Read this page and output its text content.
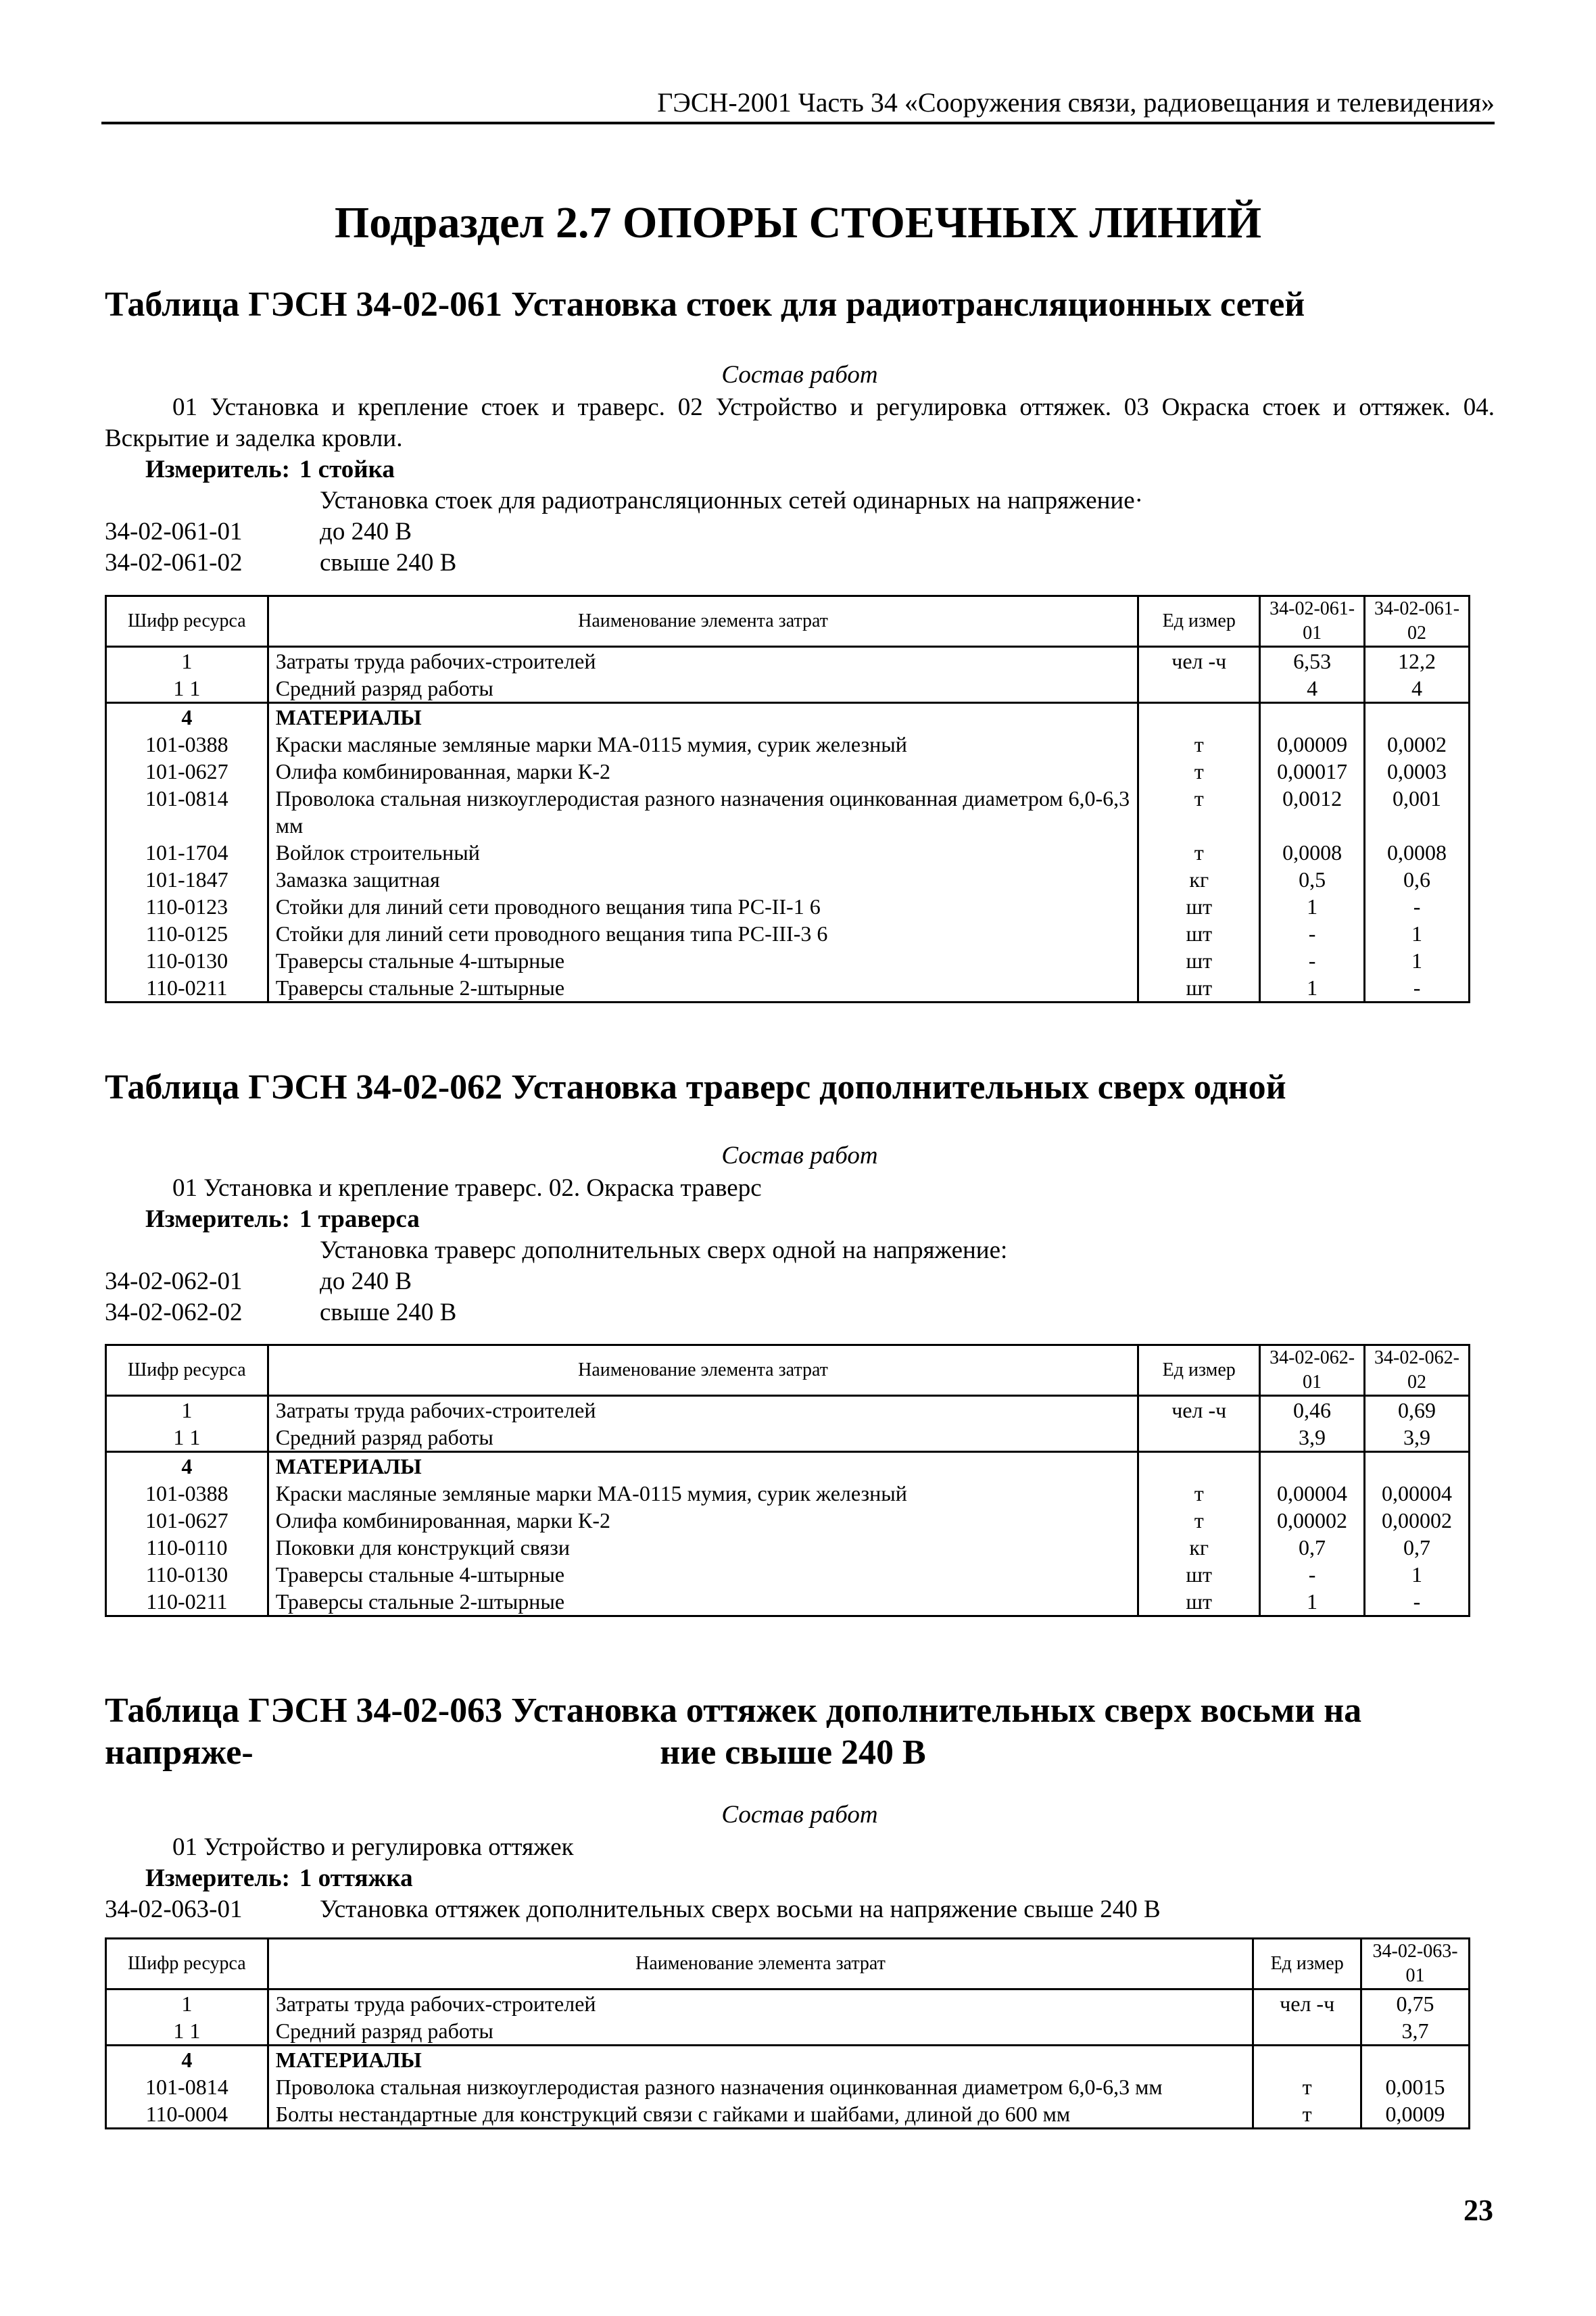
ГЭСН-2001 Часть 34 «Сооружения связи, радиовещания и телевидения»
Подраздел 2.7 ОПОРЫ СТОЕЧНЫХ ЛИНИЙ
Таблица ГЭСН 34-02-061 Установка стоек для радиотрансляционных сетей
Состав работ
01 Установка и крепление стоек и траверс. 02 Устройство и регулировка оттяжек. 03 Окраска стоек и оттяжек. 04. Вскрытие и заделка кровли.
Измеритель: 1 стойка
Установка стоек для радиотрансляционных сетей одинарных на напряжение·
34-02-061-01	до 240 В
34-02-061-02	свыше 240 В
Шифр ресурса	Наименование элемента затрат	Ед измер	34-02-061-01	34-02-061-02
1	Затраты труда рабочих-строителей	чел -ч	6,53	12,2
1 1	Средний разряд работы		4	4
4	МАТЕРИАЛЫ			
101-0388	Краски масляные земляные марки МА-0115 мумия, сурик железный	т	0,00009	0,0002
101-0627	Олифа комбинированная, марки К-2	т	0,00017	0,0003
101-0814	Проволока стальная низкоуглеродистая разного назначения оцинкованная диаметром 6,0-6,3 мм	т	0,0012	0,001
101-1704	Войлок строительный	т	0,0008	0,0008
101-1847	Замазка защитная	кг	0,5	0,6
110-0123	Стойки для линий сети проводного вещания типа РС-II-1 6	шт	1	-
110-0125	Стойки для линий сети проводного вещания типа РС-III-3 6	шт	-	1
110-0130	Траверсы стальные 4-штырные	шт	-	1
110-0211	Траверсы стальные 2-штырные	шт	1	-
Таблица ГЭСН 34-02-062 Установка траверс дополнительных сверх одной
Состав работ
01 Установка и крепление траверс. 02. Окраска траверс
Измеритель: 1 траверса
Установка траверс дополнительных сверх одной на напряжение:
34-02-062-01	до 240 В
34-02-062-02	свыше 240 В
Шифр ресурса	Наименование элемента затрат	Ед измер	34-02-062-01	34-02-062-02
1	Затраты труда рабочих-строителей	чел -ч	0,46	0,69
1 1	Средний разряд работы		3,9	3,9
4	МАТЕРИАЛЫ			
101-0388	Краски масляные земляные марки МА-0115 мумия, сурик железный	т	0,00004	0,00004
101-0627	Олифа комбинированная, марки К-2	т	0,00002	0,00002
110-0110	Поковки для конструкций связи	кг	0,7	0,7
110-0130	Траверсы стальные 4-штырные	шт	-	1
110-0211	Траверсы стальные 2-штырные	шт	1	-
Таблица ГЭСН 34-02-063 Установка оттяжек дополнительных сверх восьми на напряже-	ние свыше 240 В
Состав работ
01 Устройство и регулировка оттяжек
Измеритель: 1 оттяжка
34-02-063-01	Установка оттяжек дополнительных сверх восьми на напряжение свыше 240 В
Шифр ресурса	Наименование элемента затрат	Ед измер	34-02-063-01
1	Затраты труда рабочих-строителей	чел -ч	0,75
1 1	Средний разряд работы		3,7
4	МАТЕРИАЛЫ		
101-0814	Проволока стальная низкоуглеродистая разного назначения оцинкованная диаметром 6,0-6,3 мм	т	0,0015
110-0004	Болты нестандартные для конструкций связи с гайками и шайбами, длиной до 600 мм	т	0,0009
23
